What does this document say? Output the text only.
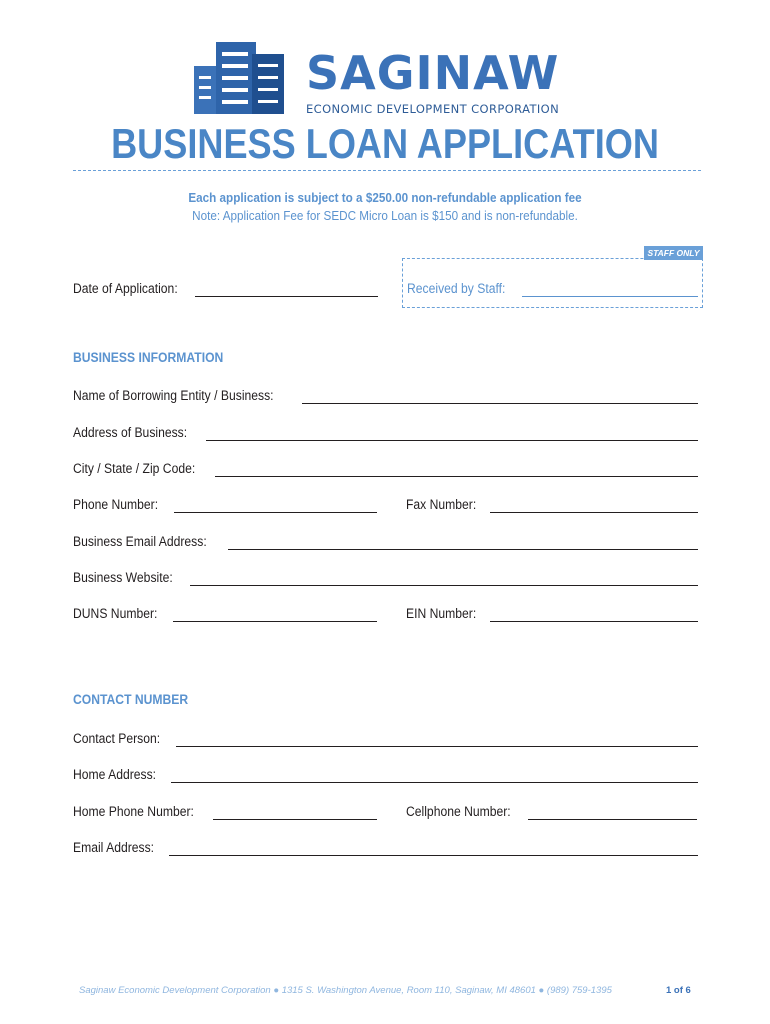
SAGINAW
ECONOMIC DEVELOPMENT CORPORATION
BUSINESS LOAN APPLICATION
Each application is subject to a $250.00 non-refundable application fee
Note: Application Fee for SEDC Micro Loan is $150 and is non-refundable.
Date of Application:
STAFF ONLY
Received by Staff:
BUSINESS INFORMATION
Name of Borrowing Entity / Business:
Address of Business:
City / State / Zip Code:
Phone Number:	Fax Number:
Business Email Address:
Business Website:
DUNS Number:	EIN Number:
CONTACT NUMBER
Contact Person:
Home Address:
Home Phone Number:	Cellphone Number:
Email Address:
Saginaw Economic Development Corporation ● 1315 S. Washington Avenue, Room 110, Saginaw, MI 48601 ● (989) 759-1395	1 of 6
